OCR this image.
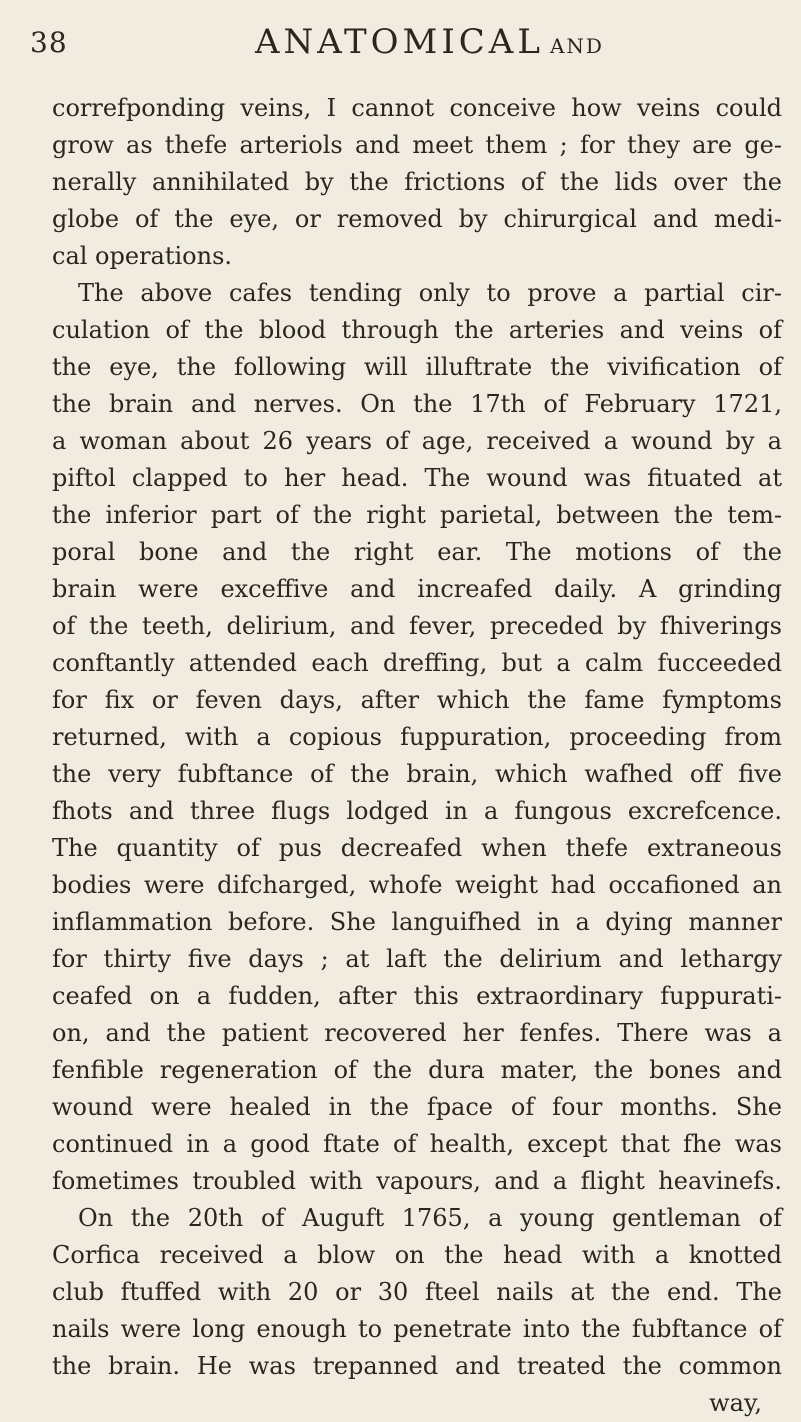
38	ANATOMICAL AND
correfponding veins, I cannot conceive how veins could
grow as thefe arteriols and meet them ; for they are ge-
nerally annihilated by the frictions of the lids over the
globe of the eye, or removed by chirurgical and medi-
cal operations.
The above cafes tending only to prove a partial cir-
culation of the blood through the arteries and veins of
the eye, the following will illuftrate the vivification of
the brain and nerves. On the 17th of February 1721,
a woman about 26 years of age, received a wound by a
piftol clapped to her head. The wound was fituated at
the inferior part of the right parietal, between the tem-
poral bone and the right ear. The motions of the
brain were exceffive and increafed daily. A grinding
of the teeth, delirium, and fever, preceded by fhiverings
conftantly attended each dreffing, but a calm fucceeded
for fix or feven days, after which the fame fymptoms
returned, with a copious fuppuration, proceeding from
the very fubftance of the brain, which wafhed off five
fhots and three flugs lodged in a fungous excrefcence.
The quantity of pus decreafed when thefe extraneous
bodies were difcharged, whofe weight had occafioned an
inflammation before. She languifhed in a dying manner
for thirty five days ; at laft the delirium and lethargy
ceafed on a fudden, after this extraordinary fuppurati-
on, and the patient recovered her fenfes. There was a
fenfible regeneration of the dura mater, the bones and
wound were healed in the fpace of four months. She
continued in a good ftate of health, except that fhe was
fometimes troubled with vapours, and a flight heavinefs.
On the 20th of Auguft 1765, a young gentleman of
Corfica received a blow on the head with a knotted
club ftuffed with 20 or 30 fteel nails at the end. The
nails were long enough to penetrate into the fubftance of
the brain. He was trepanned and treated the common
way,
